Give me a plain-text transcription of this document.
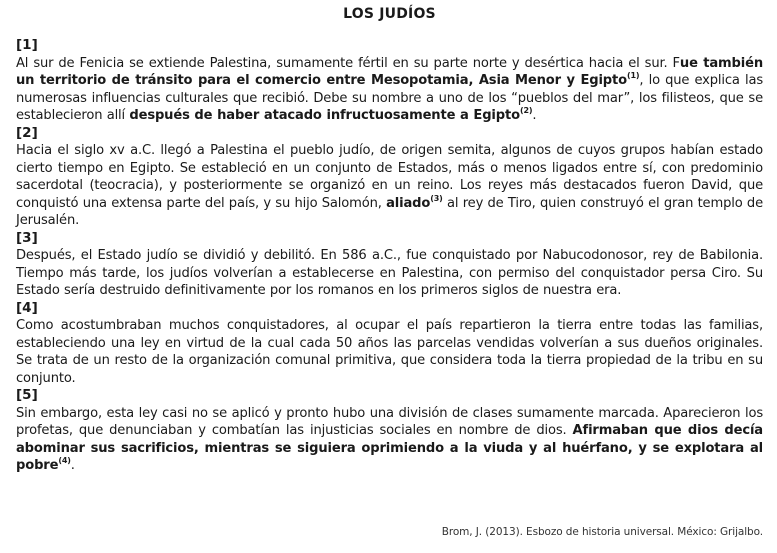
LOS JUDÍOS
[1]

Al sur de Fenicia se extiende Palestina, sumamente fértil en su parte norte y desértica hacia el sur. Fue también un territorio de tránsito para el comercio entre Mesopotamia, Asia Menor y Egipto$^{(1)}$, lo que explica las numerosas influencias culturales que recibió. Debe su nombre a uno de los “pueblos del mar”, los filisteos, que se establecieron allí después de haber atacado infructuosamente a Egipto$^{(2)}$.

[2]

Hacia el siglo xv a.C. llegó a Palestina el pueblo judío, de origen semita, algunos de cuyos grupos habían estado cierto tiempo en Egipto. Se estableció en un conjunto de Estados, más o menos ligados entre sí, con predominio sacerdotal (teocracia), y posteriormente se organizó en un reino. Los reyes más destacados fueron David, que conquistó una extensa parte del país, y su hijo Salomón, aliado$^{(3)}$ al rey de Tiro, quien construyó el gran templo de Jerusalén.

[3]

Después, el Estado judío se dividió y debilitó. En 586 a.C., fue conquistado por Nabucodonosor, rey de Babilonia. Tiempo más tarde, los judíos volverían a establecerse en Palestina, con permiso del conquistador persa Ciro. Su Estado sería destruido definitivamente por los romanos en los primeros siglos de nuestra era.

[4]

Como acostumbraban muchos conquistadores, al ocupar el país repartieron la tierra entre todas las familias, estableciendo una ley en virtud de la cual cada 50 años las parcelas vendidas volverían a sus dueños originales. Se trata de un resto de la organización comunal primitiva, que considera toda la tierra propiedad de la tribu en su conjunto.

[5]

Sin embargo, esta ley casi no se aplicó y pronto hubo una división de clases sumamente marcada. Aparecieron los profetas, que denunciaban y combatían las injusticias sociales en nombre de dios. Afirmaban que dios decía abominar sus sacrificios, mientras se siguiera oprimiendo a la viuda y al huérfano, y se explotara al pobre$^{(4)}$.

Brom, J. (2013). Esbozo de historia universal. México: Grijalbo.
